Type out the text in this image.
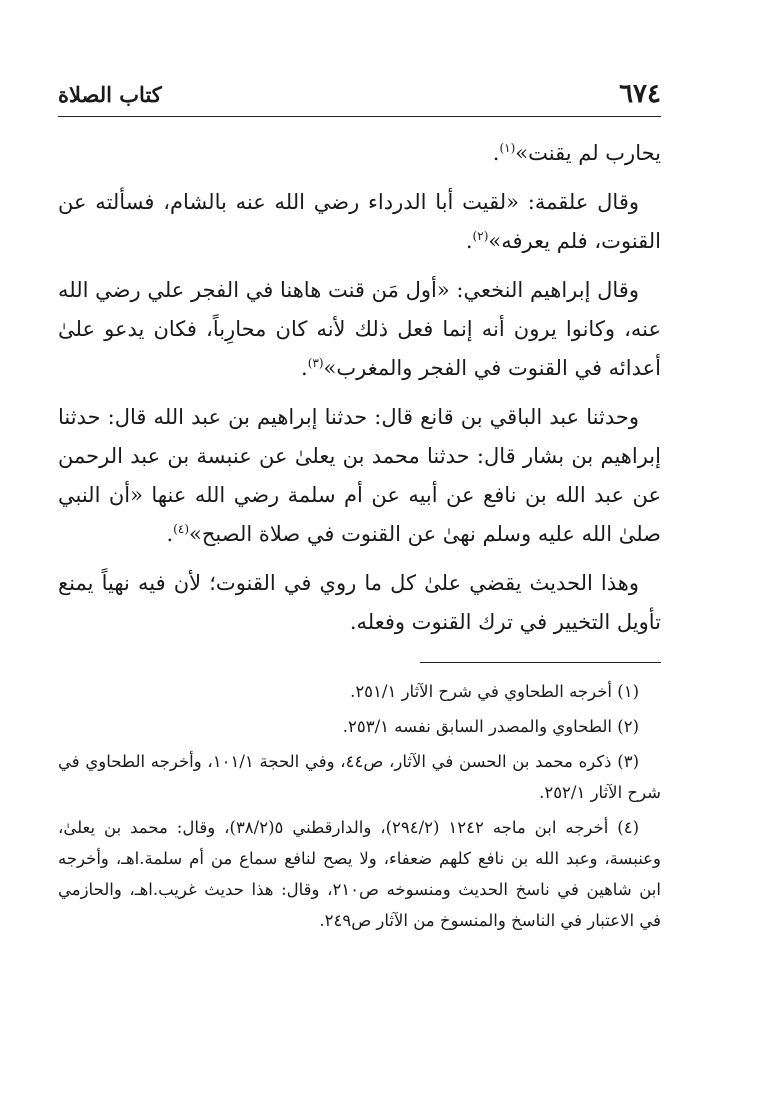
٦٧٤
كتاب الصلاة

يحارب لم يقنت»$^{(١)}$.

وقال علقمة: «لقيت أبا الدرداء رضي الله عنه بالشام، فسألته عن القنوت، فلم يعرفه»$^{(٢)}$.

وقال إبراهيم النخعي: «أول مَن قنت هاهنا في الفجر علي رضي الله عنه، وكانوا يرون أنه إنما فعل ذلك لأنه كان محارِباً، فكان يدعو علىٰ أعدائه في القنوت في الفجر والمغرب»$^{(٣)}$.

وحدثنا عبد الباقي بن قانع قال: حدثنا إبراهيم بن عبد الله قال: حدثنا إبراهيم بن بشار قال: حدثنا محمد بن يعلىٰ عن عنبسة بن عبد الرحمن عن عبد الله بن نافع عن أبيه عن أم سلمة رضي الله عنها «أن النبي صلىٰ الله عليه وسلم نهىٰ عن القنوت في صلاة الصبح»$^{(٤)}$.

وهذا الحديث يقضي علىٰ كل ما روي في القنوت؛ لأن فيه نهياً يمنع تأويل التخيير في ترك القنوت وفعله.

(١) أخرجه الطحاوي في شرح الآثار ٢٥١/١.

(٢) الطحاوي والمصدر السابق نفسه ٢٥٣/١.

(٣) ذكره محمد بن الحسن في الآثار، ص٤٤، وفي الحجة ١٠١/١، وأخرجه الطحاوي في شرح الآثار ٢٥٢/١.

(٤) أخرجه ابن ماجه ١٢٤٢ (٢٩٤/٢)، والدارقطني ٥(٣٨/٢)، وقال: محمد بن يعلىٰ، وعنبسة، وعبد الله بن نافع كلهم ضعفاء، ولا يصح لنافع سماع من أم سلمة.اهـ، وأخرجه ابن شاهين في ناسخ الحديث ومنسوخه ص٢١٠، وقال: هذا حديث غريب.اهـ، والحازمي في الاعتبار في الناسخ والمنسوخ من الآثار ص٢٤٩.
